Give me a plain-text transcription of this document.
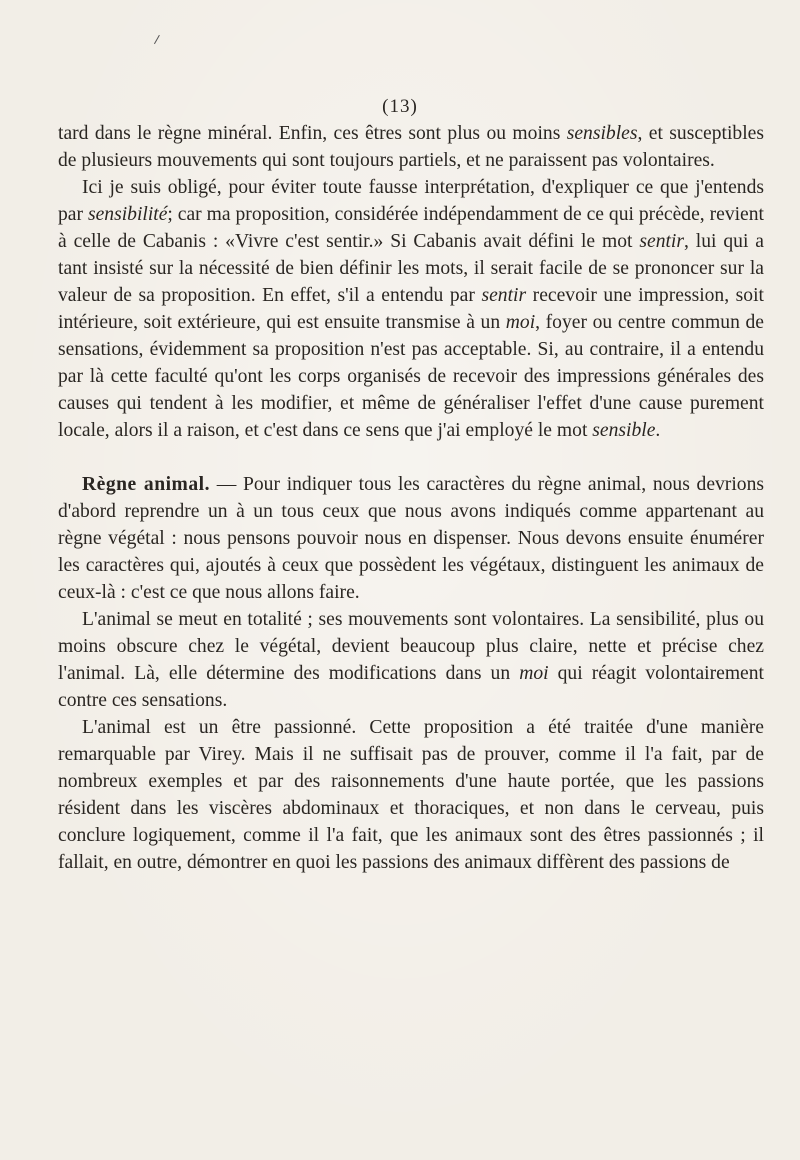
(13)

tard dans le règne minéral. Enfin, ces êtres sont plus ou moins sensibles, et susceptibles de plusieurs mouvements qui sont toujours partiels, et ne paraissent pas volontaires.

Ici je suis obligé, pour éviter toute fausse interprétation, d'expliquer ce que j'entends par sensibilité; car ma proposition, considérée indépendamment de ce qui précède, revient à celle de Cabanis : «Vivre c'est sentir.» Si Cabanis avait défini le mot sentir, lui qui a tant insisté sur la nécessité de bien définir les mots, il serait facile de se prononcer sur la valeur de sa proposition. En effet, s'il a entendu par sentir recevoir une impression, soit intérieure, soit extérieure, qui est ensuite transmise à un moi, foyer ou centre commun de sensations, évidemment sa proposition n'est pas acceptable. Si, au contraire, il a entendu par là cette faculté qu'ont les corps organisés de recevoir des impressions générales des causes qui tendent à les modifier, et même de généraliser l'effet d'une cause purement locale, alors il a raison, et c'est dans ce sens que j'ai employé le mot sensible.

Règne animal. — Pour indiquer tous les caractères du règne animal, nous devrions d'abord reprendre un à un tous ceux que nous avons indiqués comme appartenant au règne végétal : nous pensons pouvoir nous en dispenser. Nous devons ensuite énumérer les caractères qui, ajoutés à ceux que possèdent les végétaux, distinguent les animaux de ceux-là : c'est ce que nous allons faire.

L'animal se meut en totalité ; ses mouvements sont volontaires. La sensibilité, plus ou moins obscure chez le végétal, devient beaucoup plus claire, nette et précise chez l'animal. Là, elle détermine des modifications dans un moi qui réagit volontairement contre ces sensations.

L'animal est un être passionné. Cette proposition a été traitée d'une manière remarquable par Virey. Mais il ne suffisait pas de prouver, comme il l'a fait, par de nombreux exemples et par des raisonnements d'une haute portée, que les passions résident dans les viscères abdominaux et thoraciques, et non dans le cerveau, puis conclure logiquement, comme il l'a fait, que les animaux sont des êtres passionnés ; il fallait, en outre, démontrer en quoi les passions des animaux diffèrent des passions de
